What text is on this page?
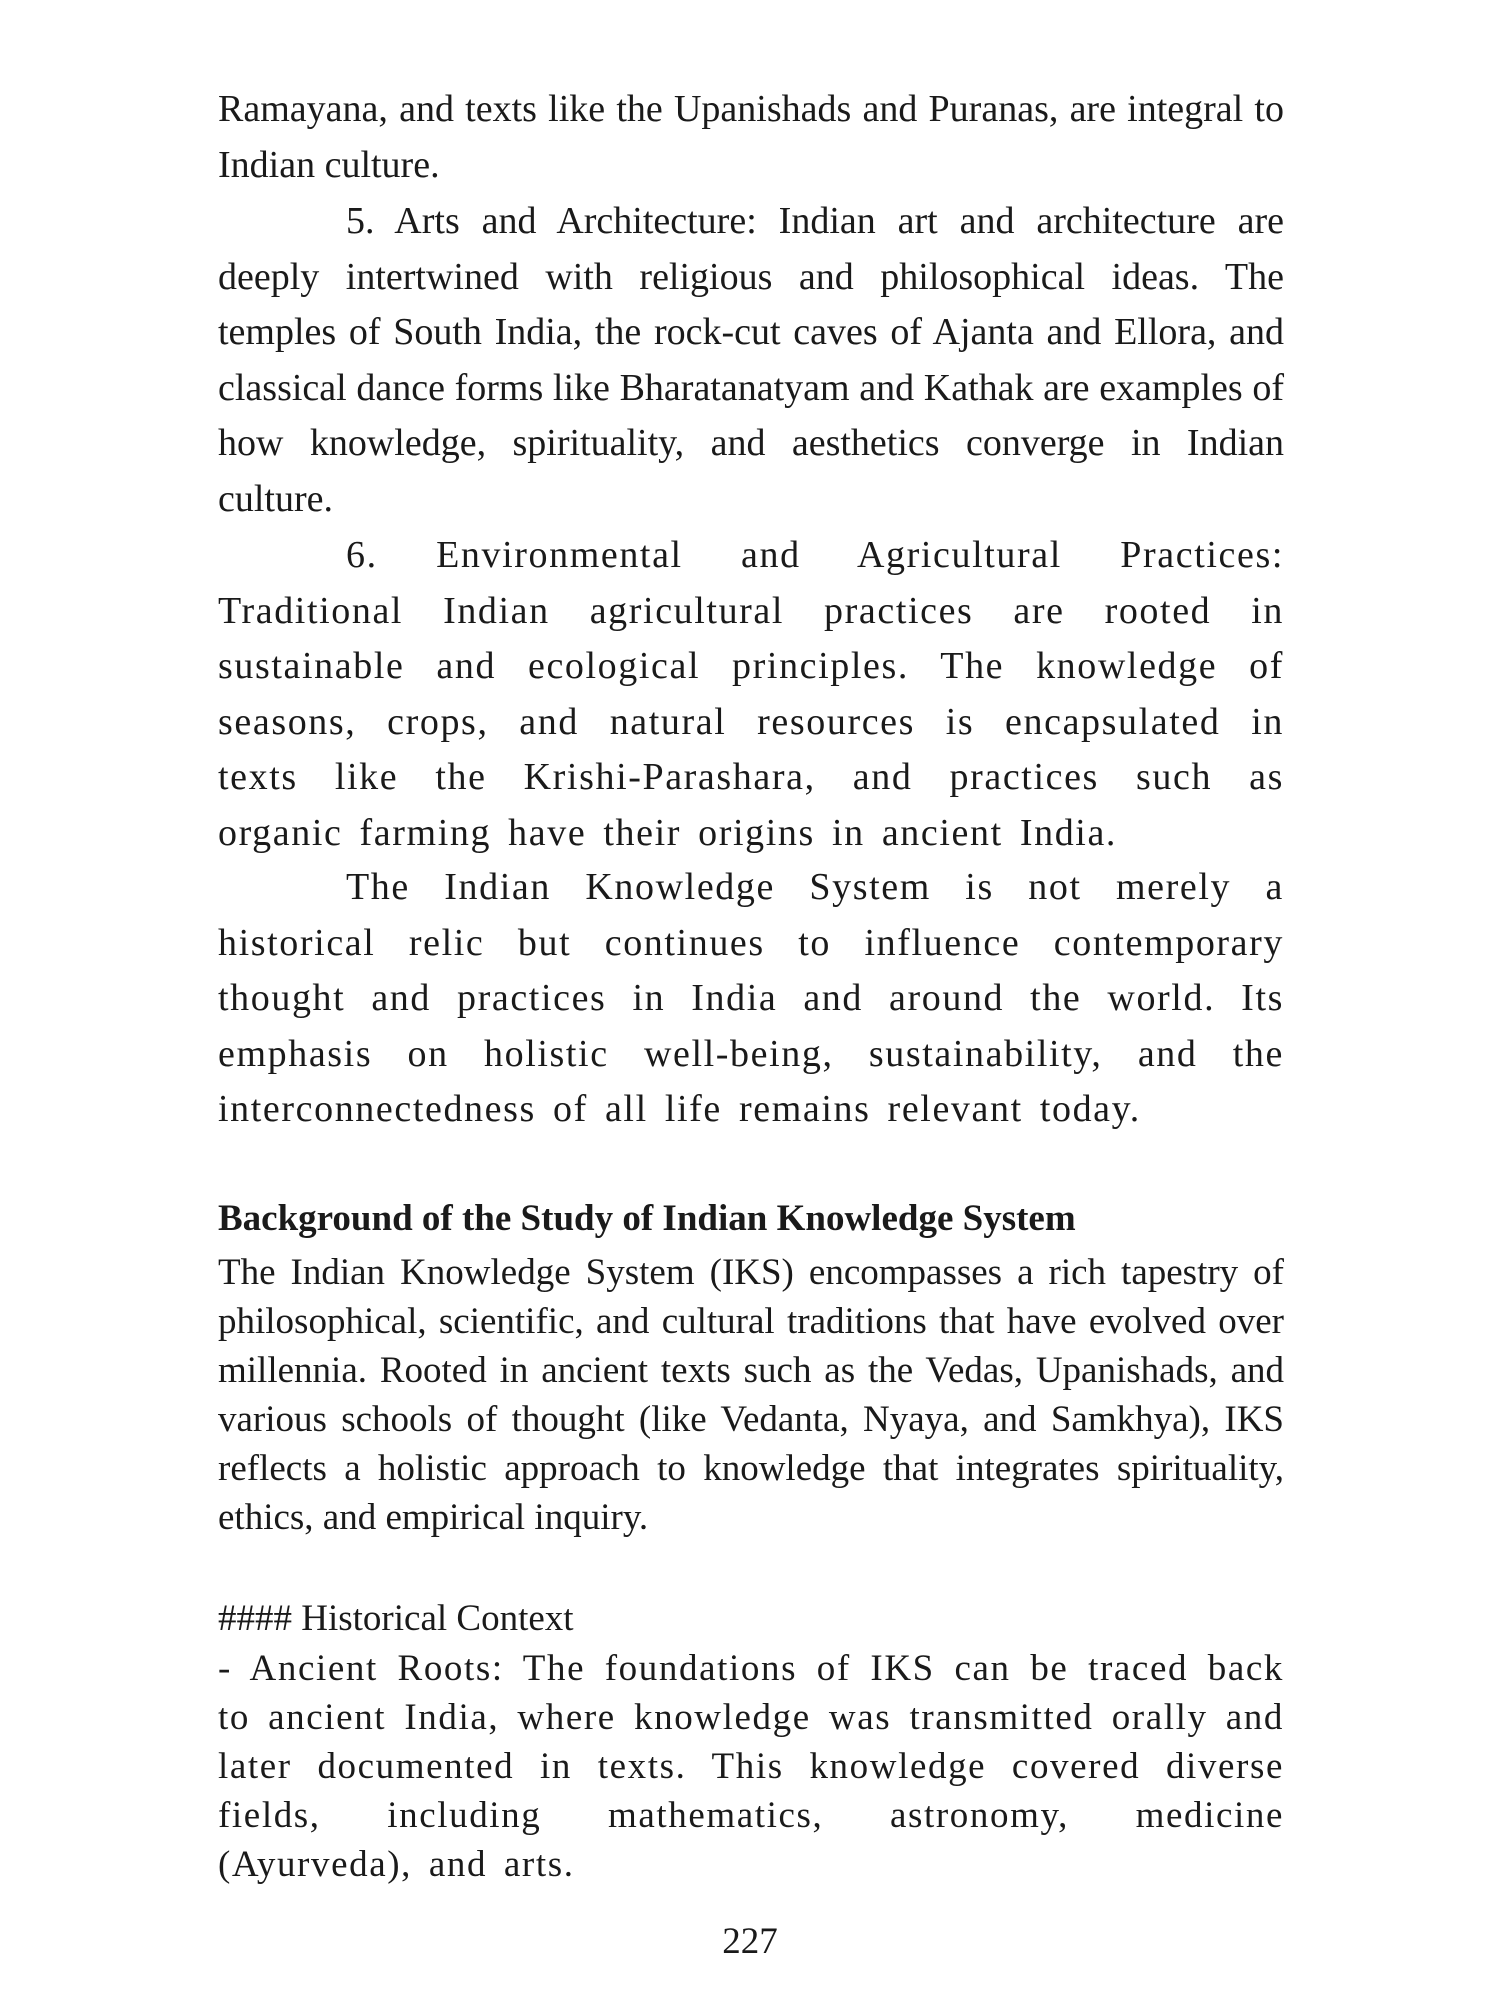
Ramayana, and texts like the Upanishads and Puranas, are integral to Indian culture.

5. Arts and Architecture: Indian art and architecture are deeply intertwined with religious and philosophical ideas. The temples of South India, the rock-cut caves of Ajanta and Ellora, and classical dance forms like Bharatanatyam and Kathak are examples of how knowledge, spirituality, and aesthetics converge in Indian culture.

6. Environmental and Agricultural Practices: Traditional Indian agricultural practices are rooted in sustainable and ecological principles. The knowledge of seasons, crops, and natural resources is encapsulated in texts like the Krishi-Parashara, and practices such as organic farming have their origins in ancient India.

The Indian Knowledge System is not merely a historical relic but continues to influence contemporary thought and practices in India and around the world. Its emphasis on holistic well-being, sustainability, and the interconnectedness of all life remains relevant today.

Background of the Study of Indian Knowledge System

The Indian Knowledge System (IKS) encompasses a rich tapestry of philosophical, scientific, and cultural traditions that have evolved over millennia. Rooted in ancient texts such as the Vedas, Upanishads, and various schools of thought (like Vedanta, Nyaya, and Samkhya), IKS reflects a holistic approach to knowledge that integrates spirituality, ethics, and empirical inquiry.

#### Historical Context

- Ancient Roots: The foundations of IKS can be traced back to ancient India, where knowledge was transmitted orally and later documented in texts. This knowledge covered diverse fields, including mathematics, astronomy, medicine (Ayurveda), and arts.

227
